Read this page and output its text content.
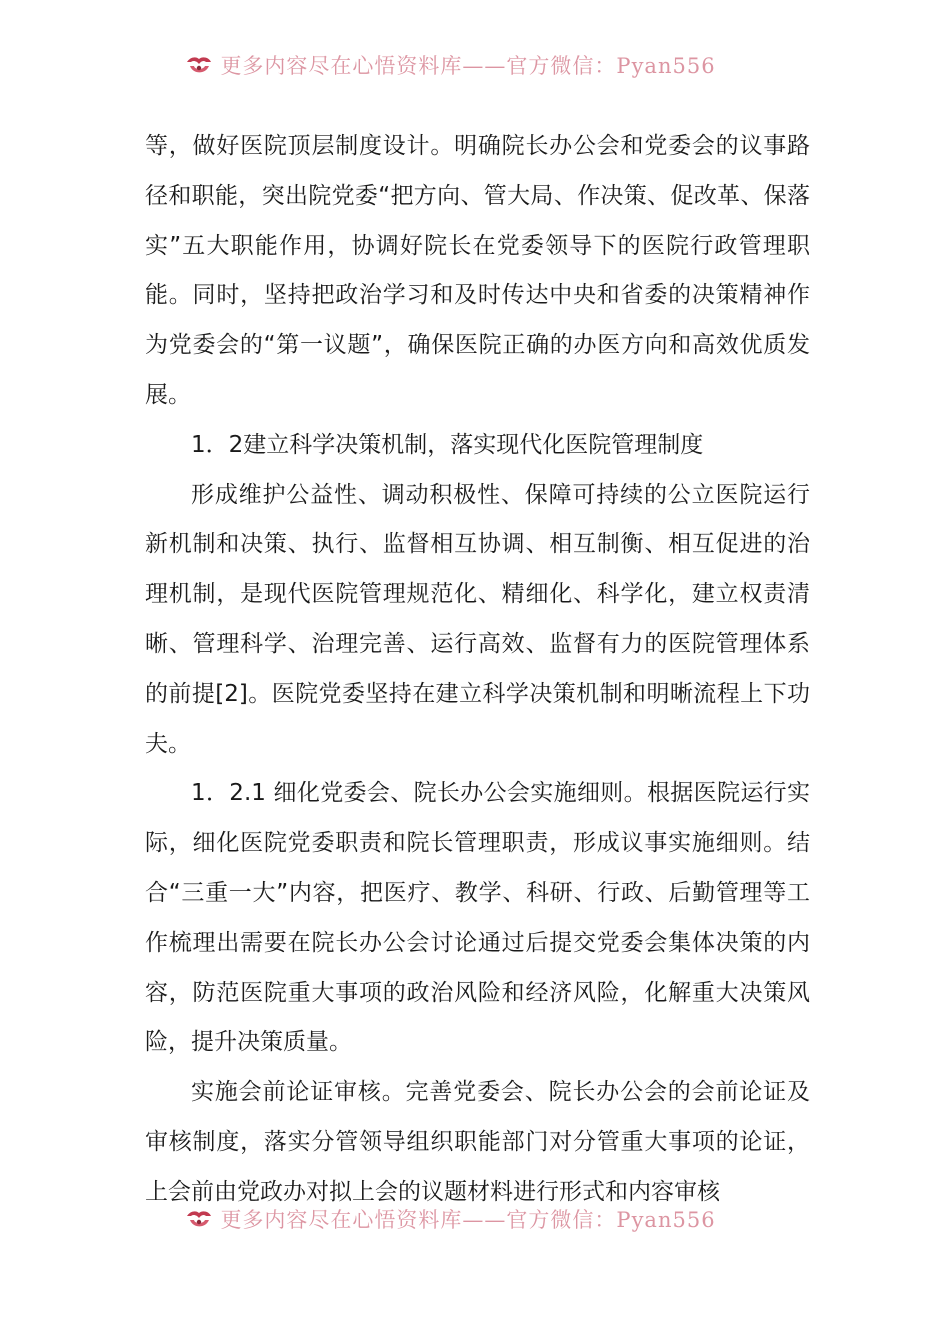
更多内容尽在心悟资料库——官方微信：Pyan556

等，做好医院顶层制度设计。明确院长办公会和党委会的议事路径和职能，突出院党委“把方向、管大局、作决策、促改革、保落实”五大职能作用，协调好院长在党委领导下的医院行政管理职能。同时，坚持把政治学习和及时传达中央和省委的决策精神作为党委会的“第一议题”，确保医院正确的办医方向和高效优质发展。

1．2建立科学决策机制，落实现代化医院管理制度

形成维护公益性、调动积极性、保障可持续的公立医院运行新机制和决策、执行、监督相互协调、相互制衡、相互促进的治理机制，是现代医院管理规范化、精细化、科学化，建立权责清晰、管理科学、治理完善、运行高效、监督有力的医院管理体系的前提[2]。医院党委坚持在建立科学决策机制和明晰流程上下功夫。

1．2.1 细化党委会、院长办公会实施细则。根据医院运行实际，细化医院党委职责和院长管理职责，形成议事实施细则。结合“三重一大”内容，把医疗、教学、科研、行政、后勤管理等工作梳理出需要在院长办公会讨论通过后提交党委会集体决策的内容，防范医院重大事项的政治风险和经济风险，化解重大决策风险，提升决策质量。

实施会前论证审核。完善党委会、院长办公会的会前论证及审核制度，落实分管领导组织职能部门对分管重大事项的论证，上会前由党政办对拟上会的议题材料进行形式和内容审核

更多内容尽在心悟资料库——官方微信：Pyan556
